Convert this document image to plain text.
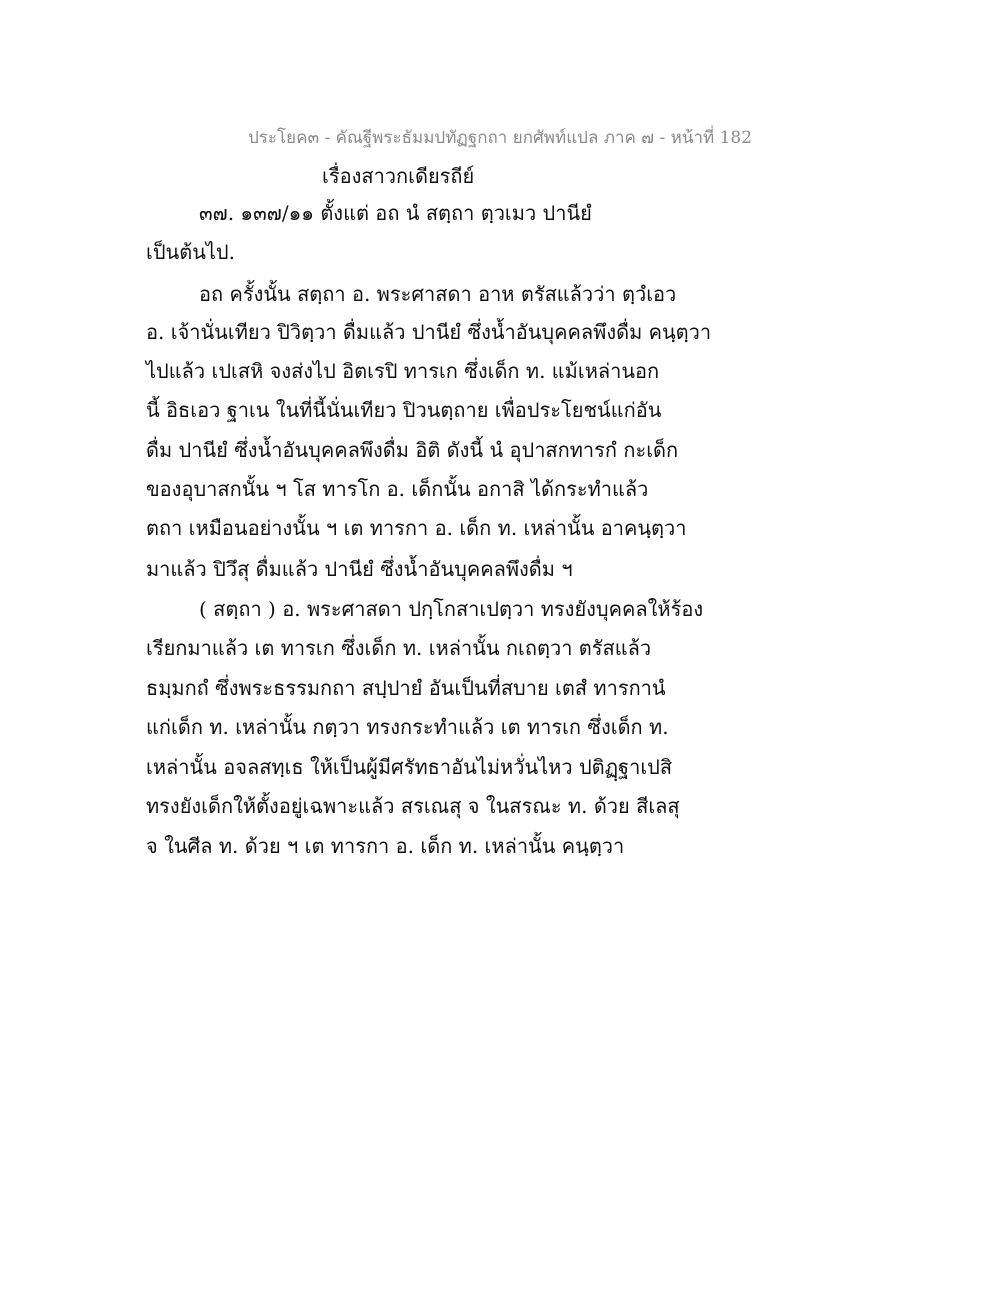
ประโยค๓ - คัณฐีพระธัมมปทัฏฐกถา ยกศัพท์แปล ภาค ๗ - หน้าที่ 182
เรื่องสาวกเดียรถีย์
๓๗. ๑๓๗/๑๑ ตั้งแต่ อถ นํ สตฺถา ตฺวเมว ปานียํ
เป็นต้นไป.
อถ ครั้งนั้น สตฺถา อ. พระศาสดา อาห ตรัสแล้วว่า ตฺวํเอว
อ. เจ้านั่นเทียว ปิวิตฺวา ดื่มแล้ว ปานียํ ซึ่งน้ำอันบุคคลพึงดื่ม คนฺตฺวา
ไปแล้ว เปเสหิ จงส่งไป อิตเรปิ ทารเก ซึ่งเด็ก ท. แม้เหล่านอก
นี้ อิธเอว ฐาเน ในที่นี้นั่นเทียว ปิวนตฺถาย เพื่อประโยชน์แก่อัน
ดื่ม ปานียํ ซึ่งน้ำอันบุคคลพึงดื่ม อิติ ดังนี้ นํ อุปาสกทารกํ กะเด็ก
ของอุบาสกนั้น ฯ โส ทารโก อ. เด็กนั้น อกาสิ ได้กระทำแล้ว
ตถา เหมือนอย่างนั้น ฯ เต ทารกา อ. เด็ก ท. เหล่านั้น อาคนฺตฺวา
มาแล้ว ปิวึสุ ดื่มแล้ว ปานียํ ซึ่งน้ำอันบุคคลพึงดื่ม ฯ
( สตฺถา ) อ. พระศาสดา ปกฺโกสาเปตฺวา ทรงยังบุคคลให้ร้อง
เรียกมาแล้ว เต ทารเก ซึ่งเด็ก ท. เหล่านั้น กเถตฺวา ตรัสแล้ว
ธมฺมกถํ ซึ่งพระธรรมกถา สปฺปายํ อันเป็นที่สบาย เตสํ ทารกานํ
แก่เด็ก ท. เหล่านั้น กตฺวา ทรงกระทำแล้ว เต ทารเก ซึ่งเด็ก ท.
เหล่านั้น อจลสทฺเธ ให้เป็นผู้มีศรัทธาอันไม่หวั่นไหว ปติฏฺฐาเปสิ
ทรงยังเด็กให้ตั้งอยู่เฉพาะแล้ว สรเณสุ จ ในสรณะ ท. ด้วย สีเลสุ
จ ในศีล ท. ด้วย ฯ เต ทารกา อ. เด็ก ท. เหล่านั้น คนฺตฺวา
